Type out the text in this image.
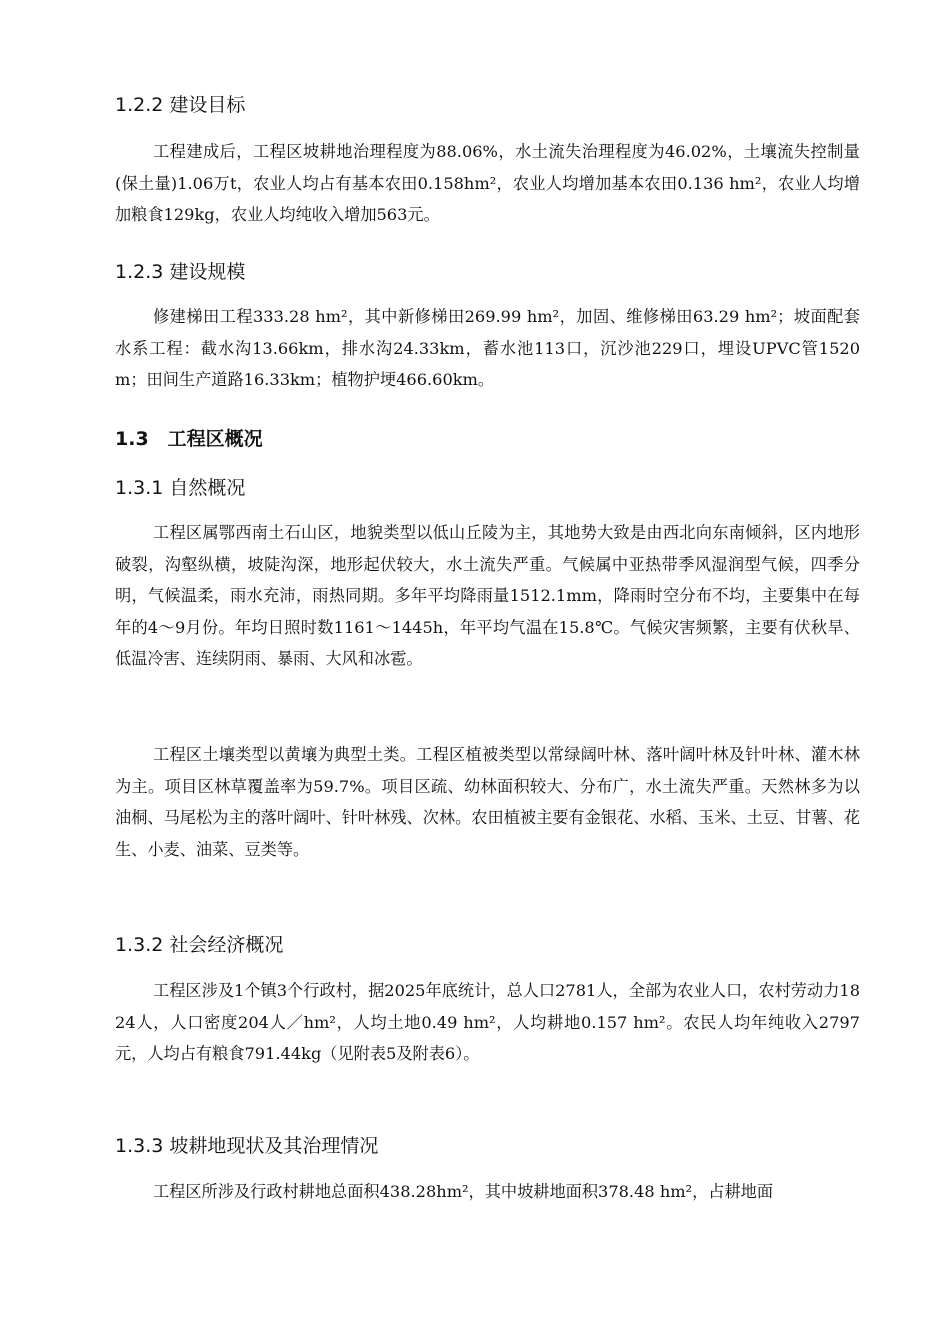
1.2.2 建设目标

工程建成后，工程区坡耕地治理程度为88.06%，水土流失治理程度为46.02%，土壤流失控制量(保土量)1.06万t，农业人均占有基本农田0.158hm²，农业人均增加基本农田0.136 hm²，农业人均增加粮食129kg，农业人均纯收入增加563元。

1.2.3 建设规模

修建梯田工程333.28 hm²，其中新修梯田269.99 hm²，加固、维修梯田63.29 hm²；坡面配套水系工程：截水沟13.66km，排水沟24.33km，蓄水池113口，沉沙池229口，埋设UPVC管1520 m；田间生产道路16.33km；植物护埂466.60km。

1.3　工程区概况
1.3.1 自然概况

工程区属鄂西南土石山区，地貌类型以低山丘陵为主，其地势大致是由西北向东南倾斜，区内地形破裂，沟壑纵横，坡陡沟深，地形起伏较大，水土流失严重。气候属中亚热带季风湿润型气候，四季分明，气候温柔，雨水充沛，雨热同期。多年平均降雨量1512.1mm，降雨时空分布不均，主要集中在每年的4～9月份。年均日照时数1161～1445h，年平均气温在15.8℃。气候灾害频繁，主要有伏秋旱、低温冷害、连续阴雨、暴雨、大风和冰雹。

工程区土壤类型以黄壤为典型土类。工程区植被类型以常绿阔叶林、落叶阔叶林及针叶林、灌木林为主。项目区林草覆盖率为59.7%。项目区疏、幼林面积较大、分布广，水土流失严重。天然林多为以油桐、马尾松为主的落叶阔叶、针叶林残、次林。农田植被主要有金银花、水稻、玉米、土豆、甘薯、花生、小麦、油菜、豆类等。

1.3.2 社会经济概况

工程区涉及1个镇3个行政村，据2025年底统计，总人口2781人，全部为农业人口，农村劳动力1824人，人口密度204人／hm²，人均土地0.49 hm²，人均耕地0.157 hm²。农民人均年纯收入2797元，人均占有粮食791.44kg（见附表5及附表6）。

1.3.3 坡耕地现状及其治理情况

工程区所涉及行政村耕地总面积438.28hm²，其中坡耕地面积378.48 hm²，占耕地面
